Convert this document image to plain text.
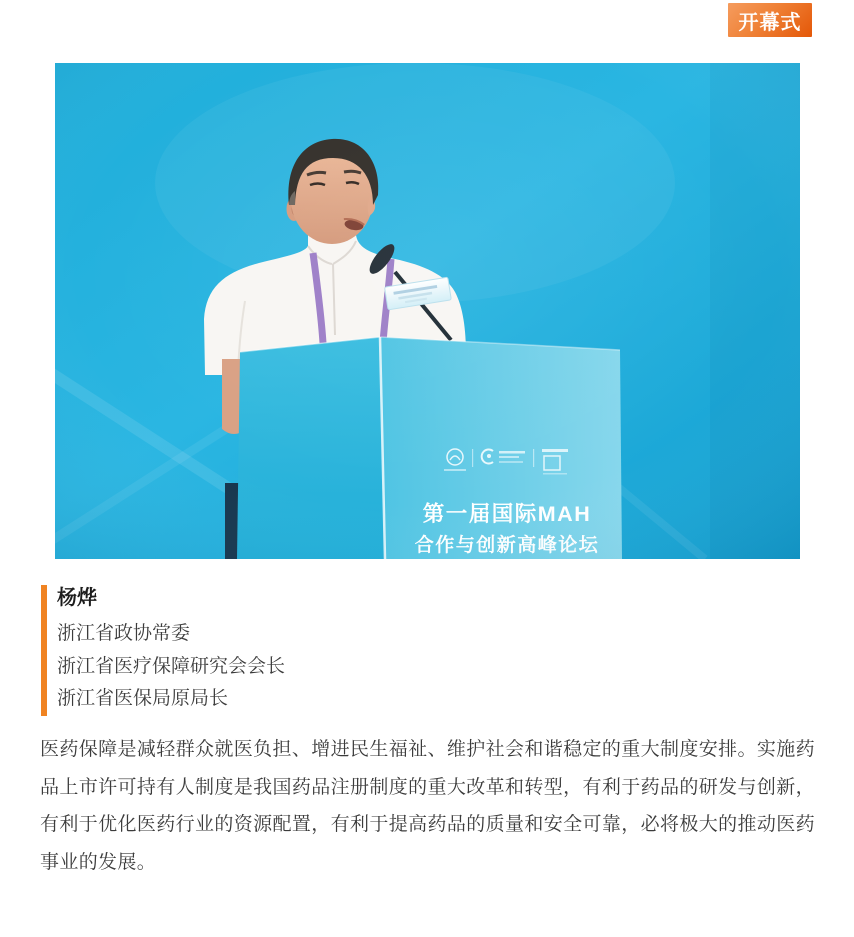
开幕式
杨烨
浙江省政协常委
浙江省医疗保障研究会会长
浙江省医保局原局长
医药保障是减轻群众就医负担、增进民生福祉、维护社会和谐稳定的重大制度安排。实施药品上市许可持有人制度是我国药品注册制度的重大改革和转型，有利于药品的研发与创新，有利于优化医药行业的资源配置，有利于提高药品的质量和安全可靠，必将极大的推动医药事业的发展。
